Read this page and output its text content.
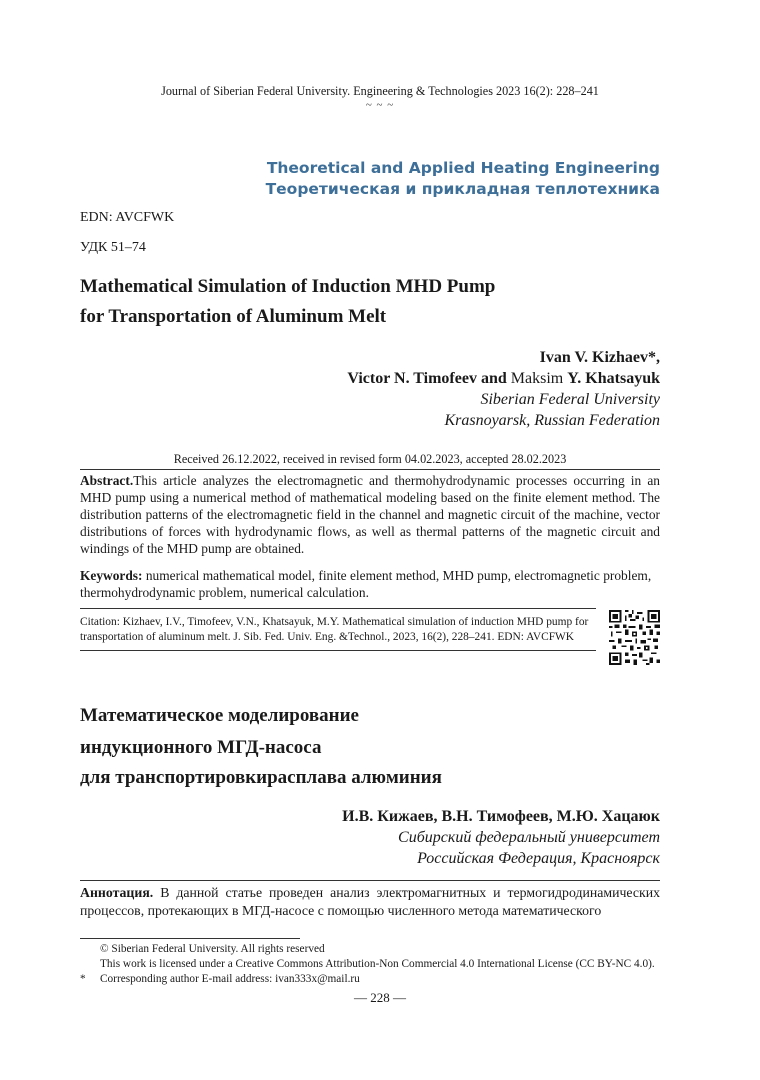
Journal of Siberian Federal University. Engineering & Technologies 2023 16(2): 228–241
~ ~ ~
Theoretical and Applied Heating Engineering
Теоретическая и прикладная теплотехника
EDN: AVCFWK
УДК 51–74
Mathematical Simulation of Induction MHD Pump
for Transportation of Aluminum Melt
Ivan V. Kizhaev*,
Victor N. Timofeev and Maksim Y. Khatsayuk
Siberian Federal University
Krasnoyarsk, Russian Federation
Received 26.12.2022, received in revised form 04.02.2023, accepted 28.02.2023
Abstract.This article analyzes the electromagnetic and thermohydrodynamic processes occurring in an MHD pump using a numerical method of mathematical modeling based on the finite element method. The distribution patterns of the electromagnetic field in the channel and magnetic circuit of the machine, vector distributions of forces with hydrodynamic flows, as well as thermal patterns of the magnetic circuit and windings of the MHD pump are obtained.
Keywords: numerical mathematical model, finite element method, MHD pump, electromagnetic problem, thermohydrodynamic problem, numerical calculation.
Citation: Kizhaev, I.V., Timofeev, V.N., Khatsayuk, M.Y. Mathematical simulation of induction MHD pump for transportation of aluminum melt. J. Sib. Fed. Univ. Eng. &Technol., 2023, 16(2), 228–241. EDN: AVCFWK
Математическое моделирование
индукционного МГД-насоса
для транспортировкирасплава алюминия
И.В. Кижаев, В.Н. Тимофеев, М.Ю. Хацаюк
Сибирский федеральный университет
Российская Федерация, Красноярск
Аннотация. В данной статье проведен анализ электромагнитных и термогидродинамических процессов, протекающих в МГД-насосе с помощью численного метода математического
© Siberian Federal University. All rights reserved
This work is licensed under a Creative Commons Attribution-Non Commercial 4.0 International License (CC BY-NC 4.0).
*	Corresponding author E-mail address: ivan333x@mail.ru
— 228 —
